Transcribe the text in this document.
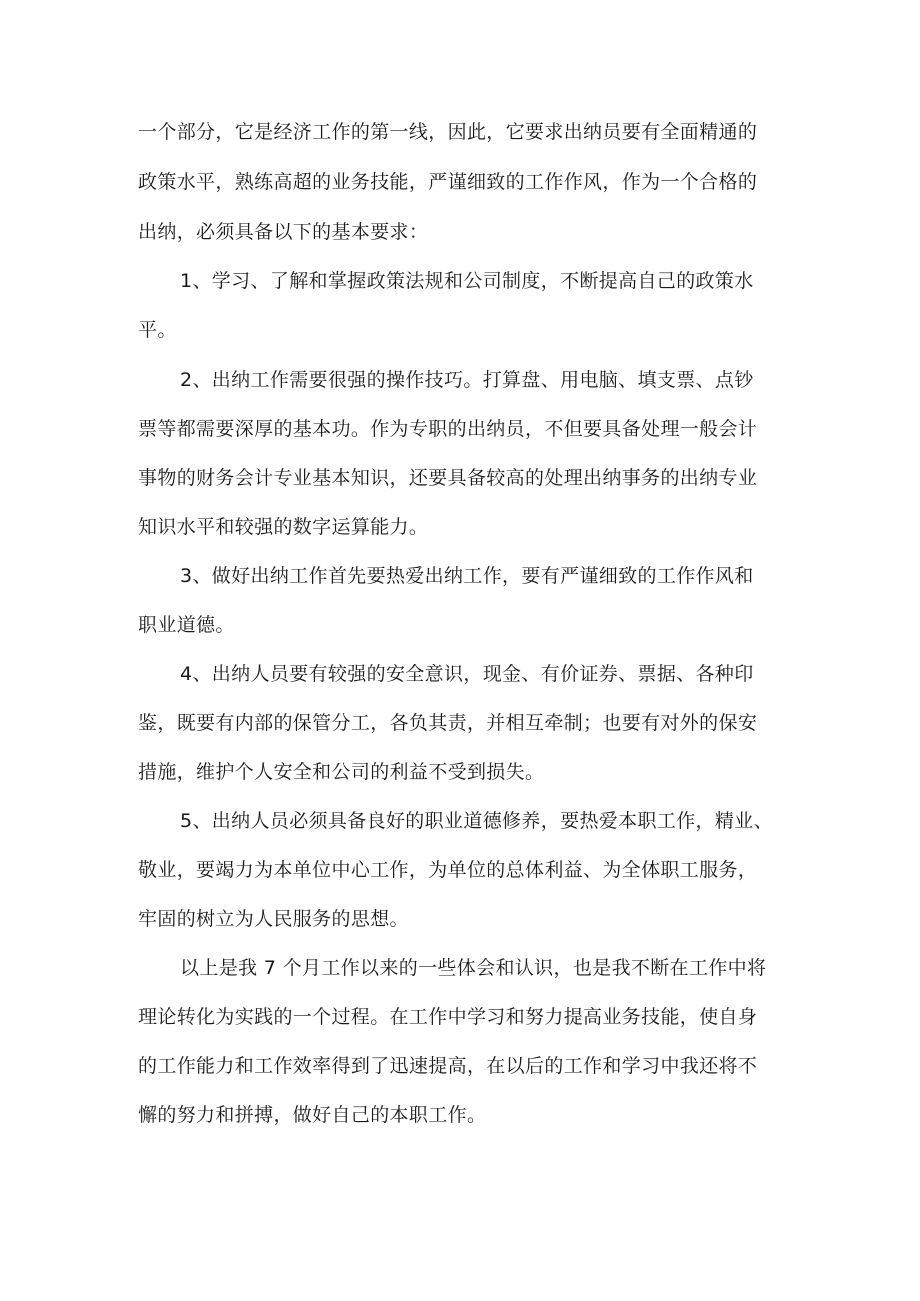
一个部分，它是经济工作的第一线，因此，它要求出纳员要有全面精通的
政策水平，熟练高超的业务技能，严谨细致的工作作风，作为一个合格的
出纳，必须具备以下的基本要求：
1、学习、了解和掌握政策法规和公司制度，不断提高自己的政策水
平。
2、出纳工作需要很强的操作技巧。打算盘、用电脑、填支票、点钞
票等都需要深厚的基本功。作为专职的出纳员，不但要具备处理一般会计
事物的财务会计专业基本知识，还要具备较高的处理出纳事务的出纳专业
知识水平和较强的数字运算能力。
3、做好出纳工作首先要热爱出纳工作，要有严谨细致的工作作风和
职业道德。
4、出纳人员要有较强的安全意识，现金、有价证券、票据、各种印
鉴，既要有内部的保管分工，各负其责，并相互牵制；也要有对外的保安
措施，维护个人安全和公司的利益不受到损失。
5、出纳人员必须具备良好的职业道德修养，要热爱本职工作，精业、
敬业，要竭力为本单位中心工作，为单位的总体利益、为全体职工服务，
牢固的树立为人民服务的思想。
以上是我 7 个月工作以来的一些体会和认识，也是我不断在工作中将
理论转化为实践的一个过程。在工作中学习和努力提高业务技能，使自身
的工作能力和工作效率得到了迅速提高，在以后的工作和学习中我还将不
懈的努力和拼搏，做好自己的本职工作。
